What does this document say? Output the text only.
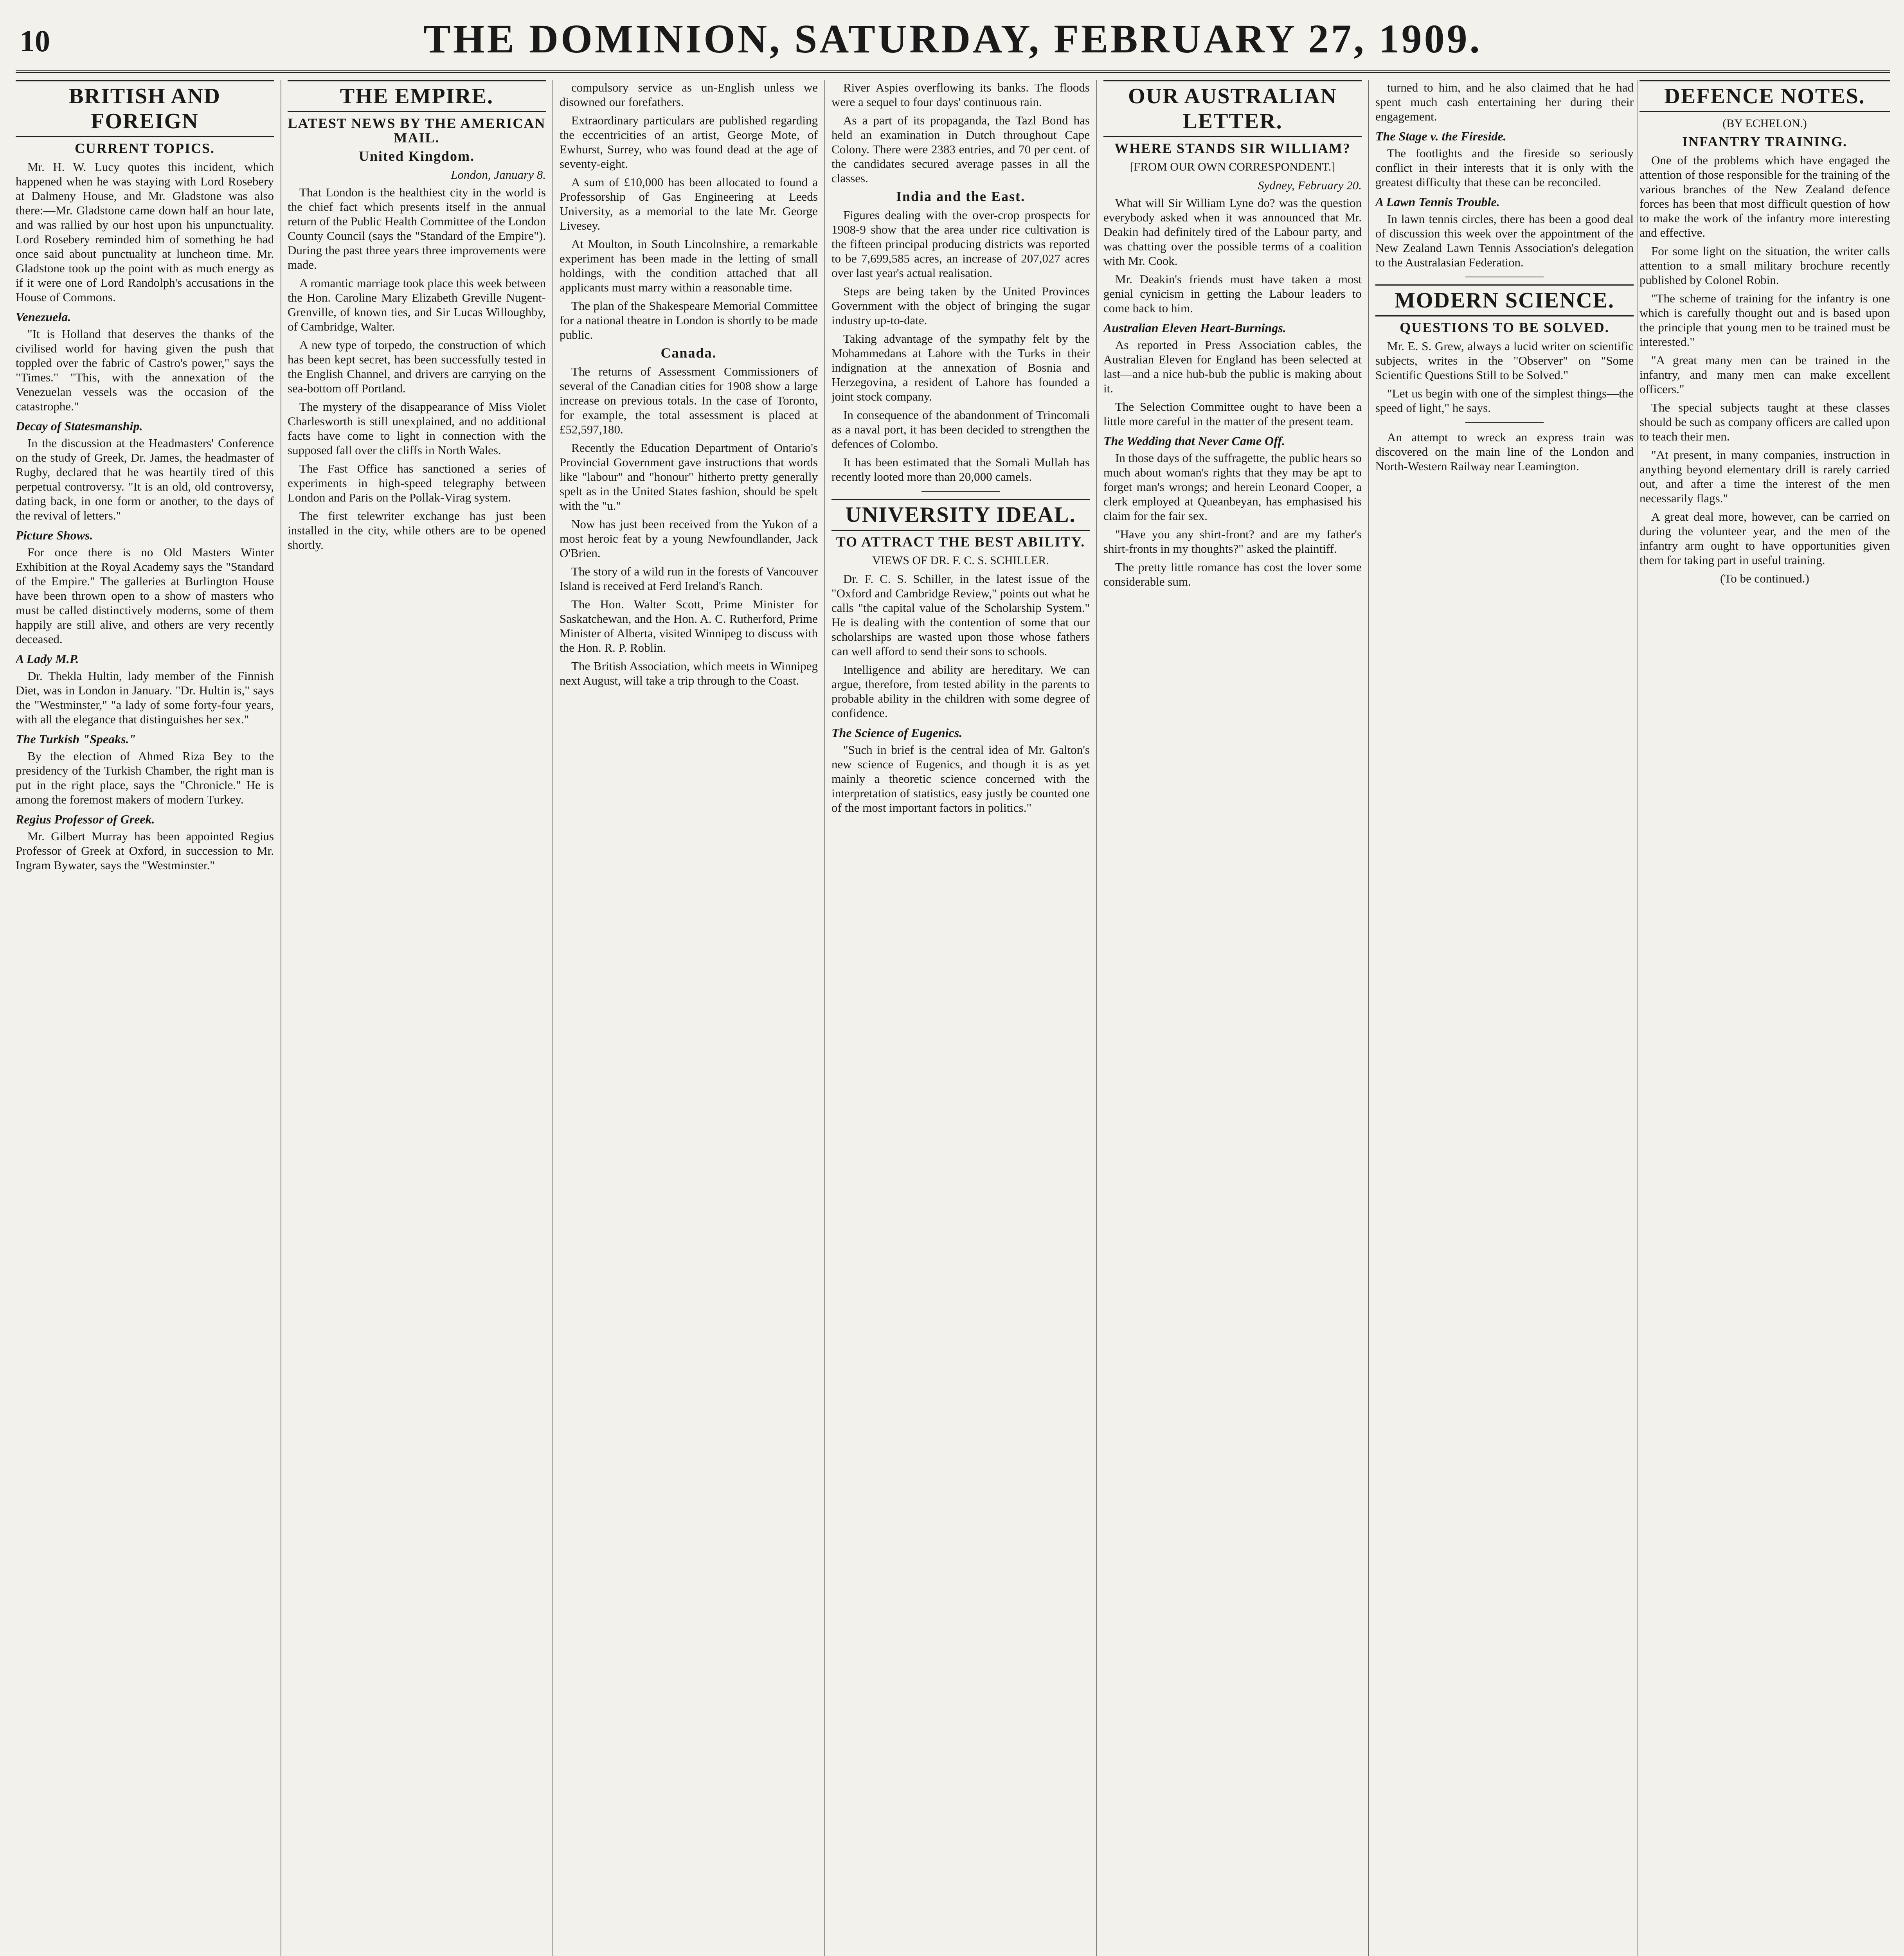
10	THE DOMINION, SATURDAY, FEBRUARY 27, 1909.
BRITISH AND FOREIGN
CURRENT TOPICS.

Mr. H. W. Lucy quotes this incident, which happened when he was staying with Lord Rosebery at Dalmeny House, and Mr. Gladstone was also there:—Mr. Gladstone came down half an hour late, and was rallied by our host upon his unpunctuality. Lord Rosebery reminded him of something he had once said about punctuality at luncheon time. Mr. Gladstone took up the point with as much energy as if it were one of Lord Randolph's accusations in the House of Commons.

Venezuela.

"It is Holland that deserves the thanks of the civilised world for having given the push that toppled over the fabric of Castro's power," says the "Times." "This, with the annexation of the Venezuelan vessels was the occasion of the catastrophe."

Decay of Statesmanship.

In the discussion at the Headmasters' Conference on the study of Greek, Dr. James, the headmaster of Rugby, declared that he was heartily tired of this perpetual controversy. "It is an old, old controversy, dating back, in one form or another, to the days of the revival of letters."

Picture Shows.

For once there is no Old Masters Winter Exhibition at the Royal Academy says the "Standard of the Empire." The galleries at Burlington House have been thrown open to a show of masters who must be called distinctively moderns, some of them happily are still alive, and others are very recently deceased.

A Lady M.P.

Dr. Thekla Hultin, lady member of the Finnish Diet, was in London in January. "Dr. Hultin is," says the "Westminster," "a lady of some forty-four years, with all the elegance that distinguishes her sex."

The Turkish "Speaks."

By the election of Ahmed Riza Bey to the presidency of the Turkish Chamber, the right man is put in the right place, says the "Chronicle." He is among the foremost makers of modern Turkey.

Regius Professor of Greek.

Mr. Gilbert Murray has been appointed Regius Professor of Greek at Oxford, in succession to Mr. Ingram Bywater, says the "Westminster."

THE EMPIRE.
LATEST NEWS BY THE AMERICAN MAIL.
United Kingdom.
London, January 8.

That London is the healthiest city in the world is the chief fact which presents itself in the annual return of the Public Health Committee of the London County Council (says the "Standard of the Empire"). During the past three years three improvements were made.

A romantic marriage took place this week between the Hon. Caroline Mary Elizabeth Greville Nugent-Grenville, of known ties, and Sir Lucas Willoughby, of Cambridge, Walter.

A new type of torpedo, the construction of which has been kept secret, has been successfully tested in the English Channel, and drivers are carrying on the sea-bottom off Portland.

The mystery of the disappearance of Miss Violet Charlesworth is still unexplained, and no additional facts have come to light in connection with the supposed fall over the cliffs in North Wales.

The Fast Office has sanctioned a series of experiments in high-speed telegraphy between London and Paris on the Pollak-Virag system.

The first telewriter exchange has just been installed in the city, while others are to be opened shortly.

compulsory service as un-English unless we disowned our forefathers.

Extraordinary particulars are published regarding the eccentricities of an artist, George Mote, of Ewhurst, Surrey, who was found dead at the age of seventy-eight.

A sum of £10,000 has been allocated to found a Professorship of Gas Engineering at Leeds University, as a memorial to the late Mr. George Livesey.

At Moulton, in South Lincolnshire, a remarkable experiment has been made in the letting of small holdings, with the condition attached that all applicants must marry within a reasonable time.

The plan of the Shakespeare Memorial Committee for a national theatre in London is shortly to be made public.

Canada.

The returns of Assessment Commissioners of several of the Canadian cities for 1908 show a large increase on previous totals. In the case of Toronto, for example, the total assessment is placed at £52,597,180.

Recently the Education Department of Ontario's Provincial Government gave instructions that words like "labour" and "honour" hitherto pretty generally spelt as in the United States fashion, should be spelt with the "u."

Now has just been received from the Yukon of a most heroic feat by a young Newfoundlander, Jack O'Brien.

The story of a wild run in the forests of Vancouver Island is received at Ferd Ireland's Ranch.

The Hon. Walter Scott, Prime Minister for Saskatchewan, and the Hon. A. C. Rutherford, Prime Minister of Alberta, visited Winnipeg to discuss with the Hon. R. P. Roblin.

The British Association, which meets in Winnipeg next August, will take a trip through to the Coast.

River Aspies overflowing its banks. The floods were a sequel to four days' continuous rain.

As a part of its propaganda, the Tazl Bond has held an examination in Dutch throughout Cape Colony. There were 2383 entries, and 70 per cent. of the candidates secured average passes in all the classes.

India and the East.

Figures dealing with the over-crop prospects for 1908-9 show that the area under rice cultivation is the fifteen principal producing districts was reported to be 7,699,585 acres, an increase of 207,027 acres over last year's actual realisation.

Steps are being taken by the United Provinces Government with the object of bringing the sugar industry up-to-date.

Taking advantage of the sympathy felt by the Mohammedans at Lahore with the Turks in their indignation at the annexation of Bosnia and Herzegovina, a resident of Lahore has founded a joint stock company.

In consequence of the abandonment of Trincomali as a naval port, it has been decided to strengthen the defences of Colombo.

It has been estimated that the Somali Mullah has recently looted more than 20,000 camels.

UNIVERSITY IDEAL.
TO ATTRACT THE BEST ABILITY.
VIEWS OF DR. F. C. S. SCHILLER.

Dr. F. C. S. Schiller, in the latest issue of the "Oxford and Cambridge Review," points out what he calls "the capital value of the Scholarship System." He is dealing with the contention of some that our scholarships are wasted upon those whose fathers can well afford to send their sons to schools.

Intelligence and ability are hereditary. We can argue, therefore, from tested ability in the parents to probable ability in the children with some degree of confidence.

The Science of Eugenics.

"Such in brief is the central idea of Mr. Galton's new science of Eugenics, and though it is as yet mainly a theoretic science concerned with the interpretation of statistics, easy justly be counted one of the most important factors in politics."

OUR AUSTRALIAN LETTER.
WHERE STANDS SIR WILLIAM?
[FROM OUR OWN CORRESPONDENT.]
Sydney, February 20.

What will Sir William Lyne do? was the question everybody asked when it was announced that Mr. Deakin had definitely tired of the Labour party, and was chatting over the possible terms of a coalition with Mr. Cook.

Mr. Deakin's friends must have taken a most genial cynicism in getting the Labour leaders to come back to him.

Australian Eleven Heart-Burnings.

As reported in Press Association cables, the Australian Eleven for England has been selected at last—and a nice hub-bub the public is making about it.

The Selection Committee ought to have been a little more careful in the matter of the present team.

The Wedding that Never Came Off.

In those days of the suffragette, the public hears so much about woman's rights that they may be apt to forget man's wrongs; and herein Leonard Cooper, a clerk employed at Queanbeyan, has emphasised his claim for the fair sex.

"Have you any shirt-front? and are my father's shirt-fronts in my thoughts?" asked the plaintiff.

The pretty little romance has cost the lover some considerable sum.

turned to him, and he also claimed that he had spent much cash entertaining her during their engagement.

The Stage v. the Fireside.

The footlights and the fireside so seriously conflict in their interests that it is only with the greatest difficulty that these can be reconciled.

A Lawn Tennis Trouble.

In lawn tennis circles, there has been a good deal of discussion this week over the appointment of the New Zealand Lawn Tennis Association's delegation to the Australasian Federation.

MODERN SCIENCE.
QUESTIONS TO BE SOLVED.

Mr. E. S. Grew, always a lucid writer on scientific subjects, writes in the "Observer" on "Some Scientific Questions Still to be Solved."

"Let us begin with one of the simplest things—the speed of light," he says.

An attempt to wreck an express train was discovered on the main line of the London and North-Western Railway near Leamington.

DEFENCE NOTES.
(BY ECHELON.)
INFANTRY TRAINING.

One of the problems which have engaged the attention of those responsible for the training of the various branches of the New Zealand defence forces has been that most difficult question of how to make the work of the infantry more interesting and effective.

For some light on the situation, the writer calls attention to a small military brochure recently published by Colonel Robin.

"The scheme of training for the infantry is one which is carefully thought out and is based upon the principle that young men to be trained must be interested."

"A great many men can be trained in the infantry, and many men can make excellent officers."

The special subjects taught at these classes should be such as company officers are called upon to teach their men.

"At present, in many companies, instruction in anything beyond elementary drill is rarely carried out, and after a time the interest of the men necessarily flags."

A great deal more, however, can be carried on during the volunteer year, and the men of the infantry arm ought to have opportunities given them for taking part in useful training.

(To be continued.)
